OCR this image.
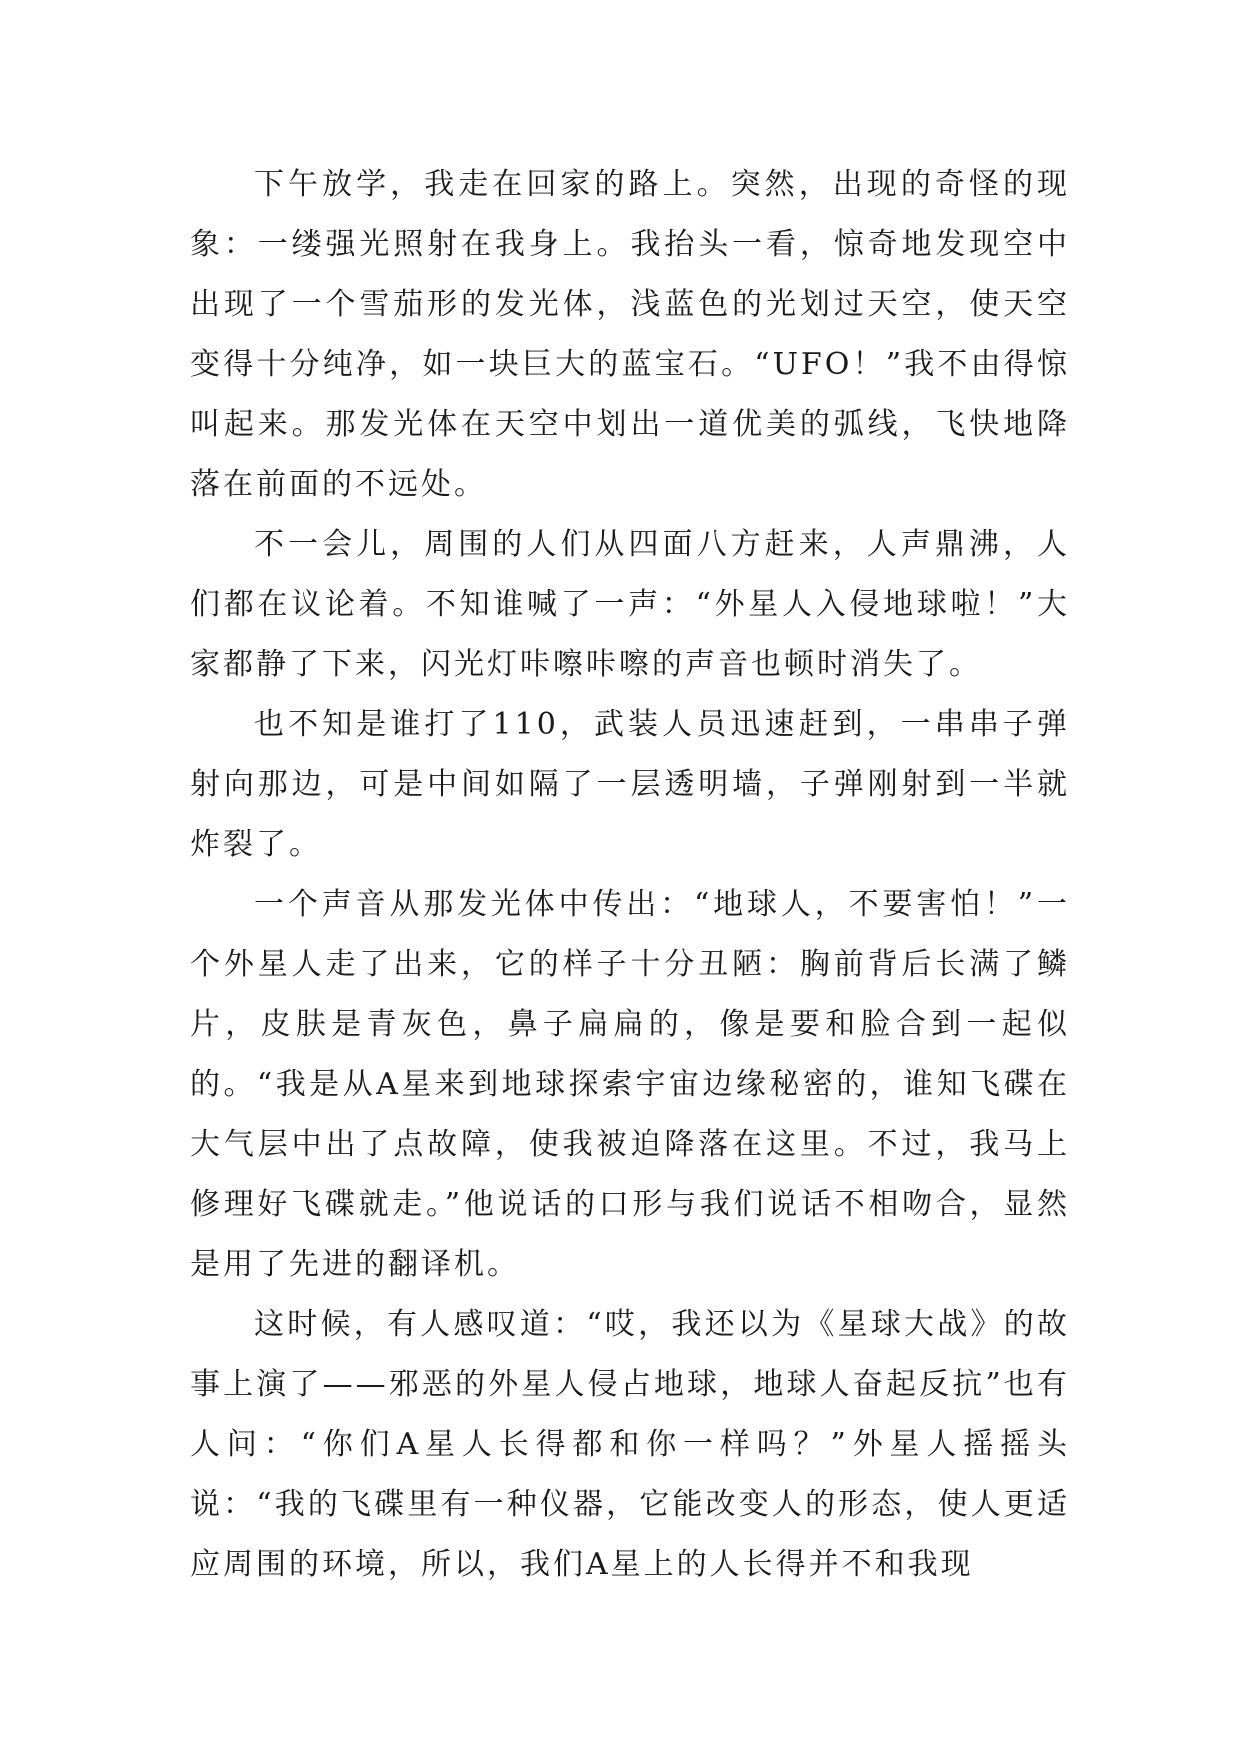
下午放学，我走在回家的路上。突然，出现的奇怪的现象：一缕强光照射在我身上。我抬头一看，惊奇地发现空中出现了一个雪茄形的发光体，浅蓝色的光划过天空，使天空变得十分纯净，如一块巨大的蓝宝石。“UFO！”我不由得惊叫起来。那发光体在天空中划出一道优美的弧线，飞快地降落在前面的不远处。

不一会儿，周围的人们从四面八方赶来，人声鼎沸，人们都在议论着。不知谁喊了一声：“外星人入侵地球啦！”大家都静了下来，闪光灯咔嚓咔嚓的声音也顿时消失了。

也不知是谁打了110，武装人员迅速赶到，一串串子弹射向那边，可是中间如隔了一层透明墙，子弹刚射到一半就炸裂了。

一个声音从那发光体中传出：“地球人，不要害怕！”一个外星人走了出来，它的样子十分丑陋：胸前背后长满了鳞片，皮肤是青灰色，鼻子扁扁的，像是要和脸合到一起似的。“我是从A星来到地球探索宇宙边缘秘密的，谁知飞碟在大气层中出了点故障，使我被迫降落在这里。不过，我马上修理好飞碟就走。”他说话的口形与我们说话不相吻合，显然是用了先进的翻译机。

这时候，有人感叹道：“哎，我还以为《星球大战》的故事上演了——邪恶的外星人侵占地球，地球人奋起反抗”也有人问：“你们A星人长得都和你一样吗？”外星人摇摇头说：“我的飞碟里有一种仪器，它能改变人的形态，使人更适应周围的环境，所以，我们A星上的人长得并不和我现
